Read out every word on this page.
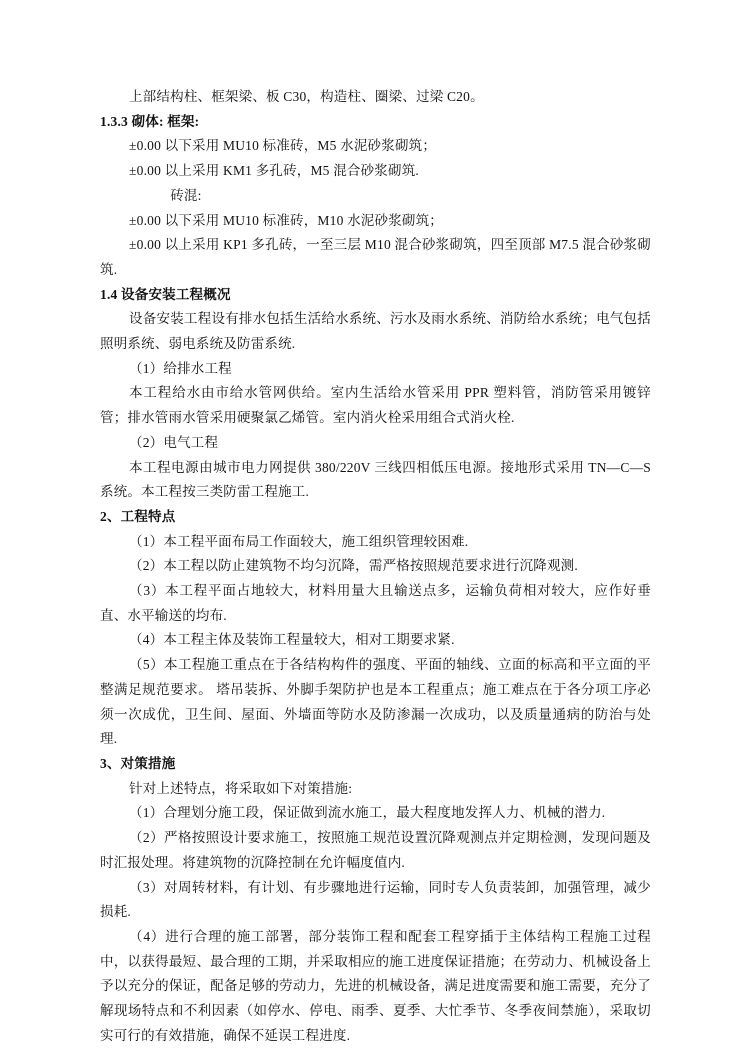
上部结构柱、框架梁、板 C30，构造柱、圈梁、过梁 C20。

1.3.3 砌体: 框架:

±0.00 以下采用 MU10 标准砖，M5 水泥砂浆砌筑；

±0.00 以上采用 KM1 多孔砖，M5 混合砂浆砌筑.

砖混:

±0.00 以下采用 MU10 标准砖，M10 水泥砂浆砌筑；

±0.00 以上采用 KP1 多孔砖，一至三层 M10 混合砂浆砌筑，四至顶部 M7.5 混合砂浆砌筑.

1.4 设备安装工程概况

设备安装工程设有排水包括生活给水系统、污水及雨水系统、消防给水系统；电气包括照明系统、弱电系统及防雷系统.

（1）给排水工程

本工程给水由市给水管网供给。室内生活给水管采用 PPR 塑料管，消防管采用镀锌管；排水管雨水管采用硬聚氯乙烯管。室内消火栓采用组合式消火栓.

（2）电气工程

本工程电源由城市电力网提供 380/220V 三线四相低压电源。接地形式采用 TN—C—S 系统。本工程按三类防雷工程施工.

2、工程特点

（1）本工程平面布局工作面较大，施工组织管理较困难.

（2）本工程以防止建筑物不均匀沉降，需严格按照规范要求进行沉降观测.

（3）本工程平面占地较大，材料用量大且输送点多，运输负荷相对较大，应作好垂直、水平输送的均布.

（4）本工程主体及装饰工程量较大，相对工期要求紧.

（5）本工程施工重点在于各结构构件的强度、平面的轴线、立面的标高和平立面的平整满足规范要求。 塔吊装拆、外脚手架防护也是本工程重点；施工难点在于各分项工序必须一次成优，卫生间、屋面、外墙面等防水及防渗漏一次成功，以及质量通病的防治与处理.

3、对策措施

针对上述特点，将采取如下对策措施:

（1）合理划分施工段，保证做到流水施工，最大程度地发挥人力、机械的潜力.

（2）严格按照设计要求施工，按照施工规范设置沉降观测点并定期检测，发现问题及时汇报处理。将建筑物的沉降控制在允许幅度值内.

（3）对周转材料，有计划、有步骤地进行运输，同时专人负责装卸，加强管理，减少损耗.

（4）进行合理的施工部署，部分装饰工程和配套工程穿插于主体结构工程施工过程中，以获得最短、最合理的工期，并采取相应的施工进度保证措施；在劳动力、机械设备上予以充分的保证，配备足够的劳动力，先进的机械设备，满足进度需要和施工需要，充分了解现场特点和不利因素（如停水、停电、雨季、夏季、大忙季节、冬季夜间禁施），采取切实可行的有效措施，确保不延误工程进度.
